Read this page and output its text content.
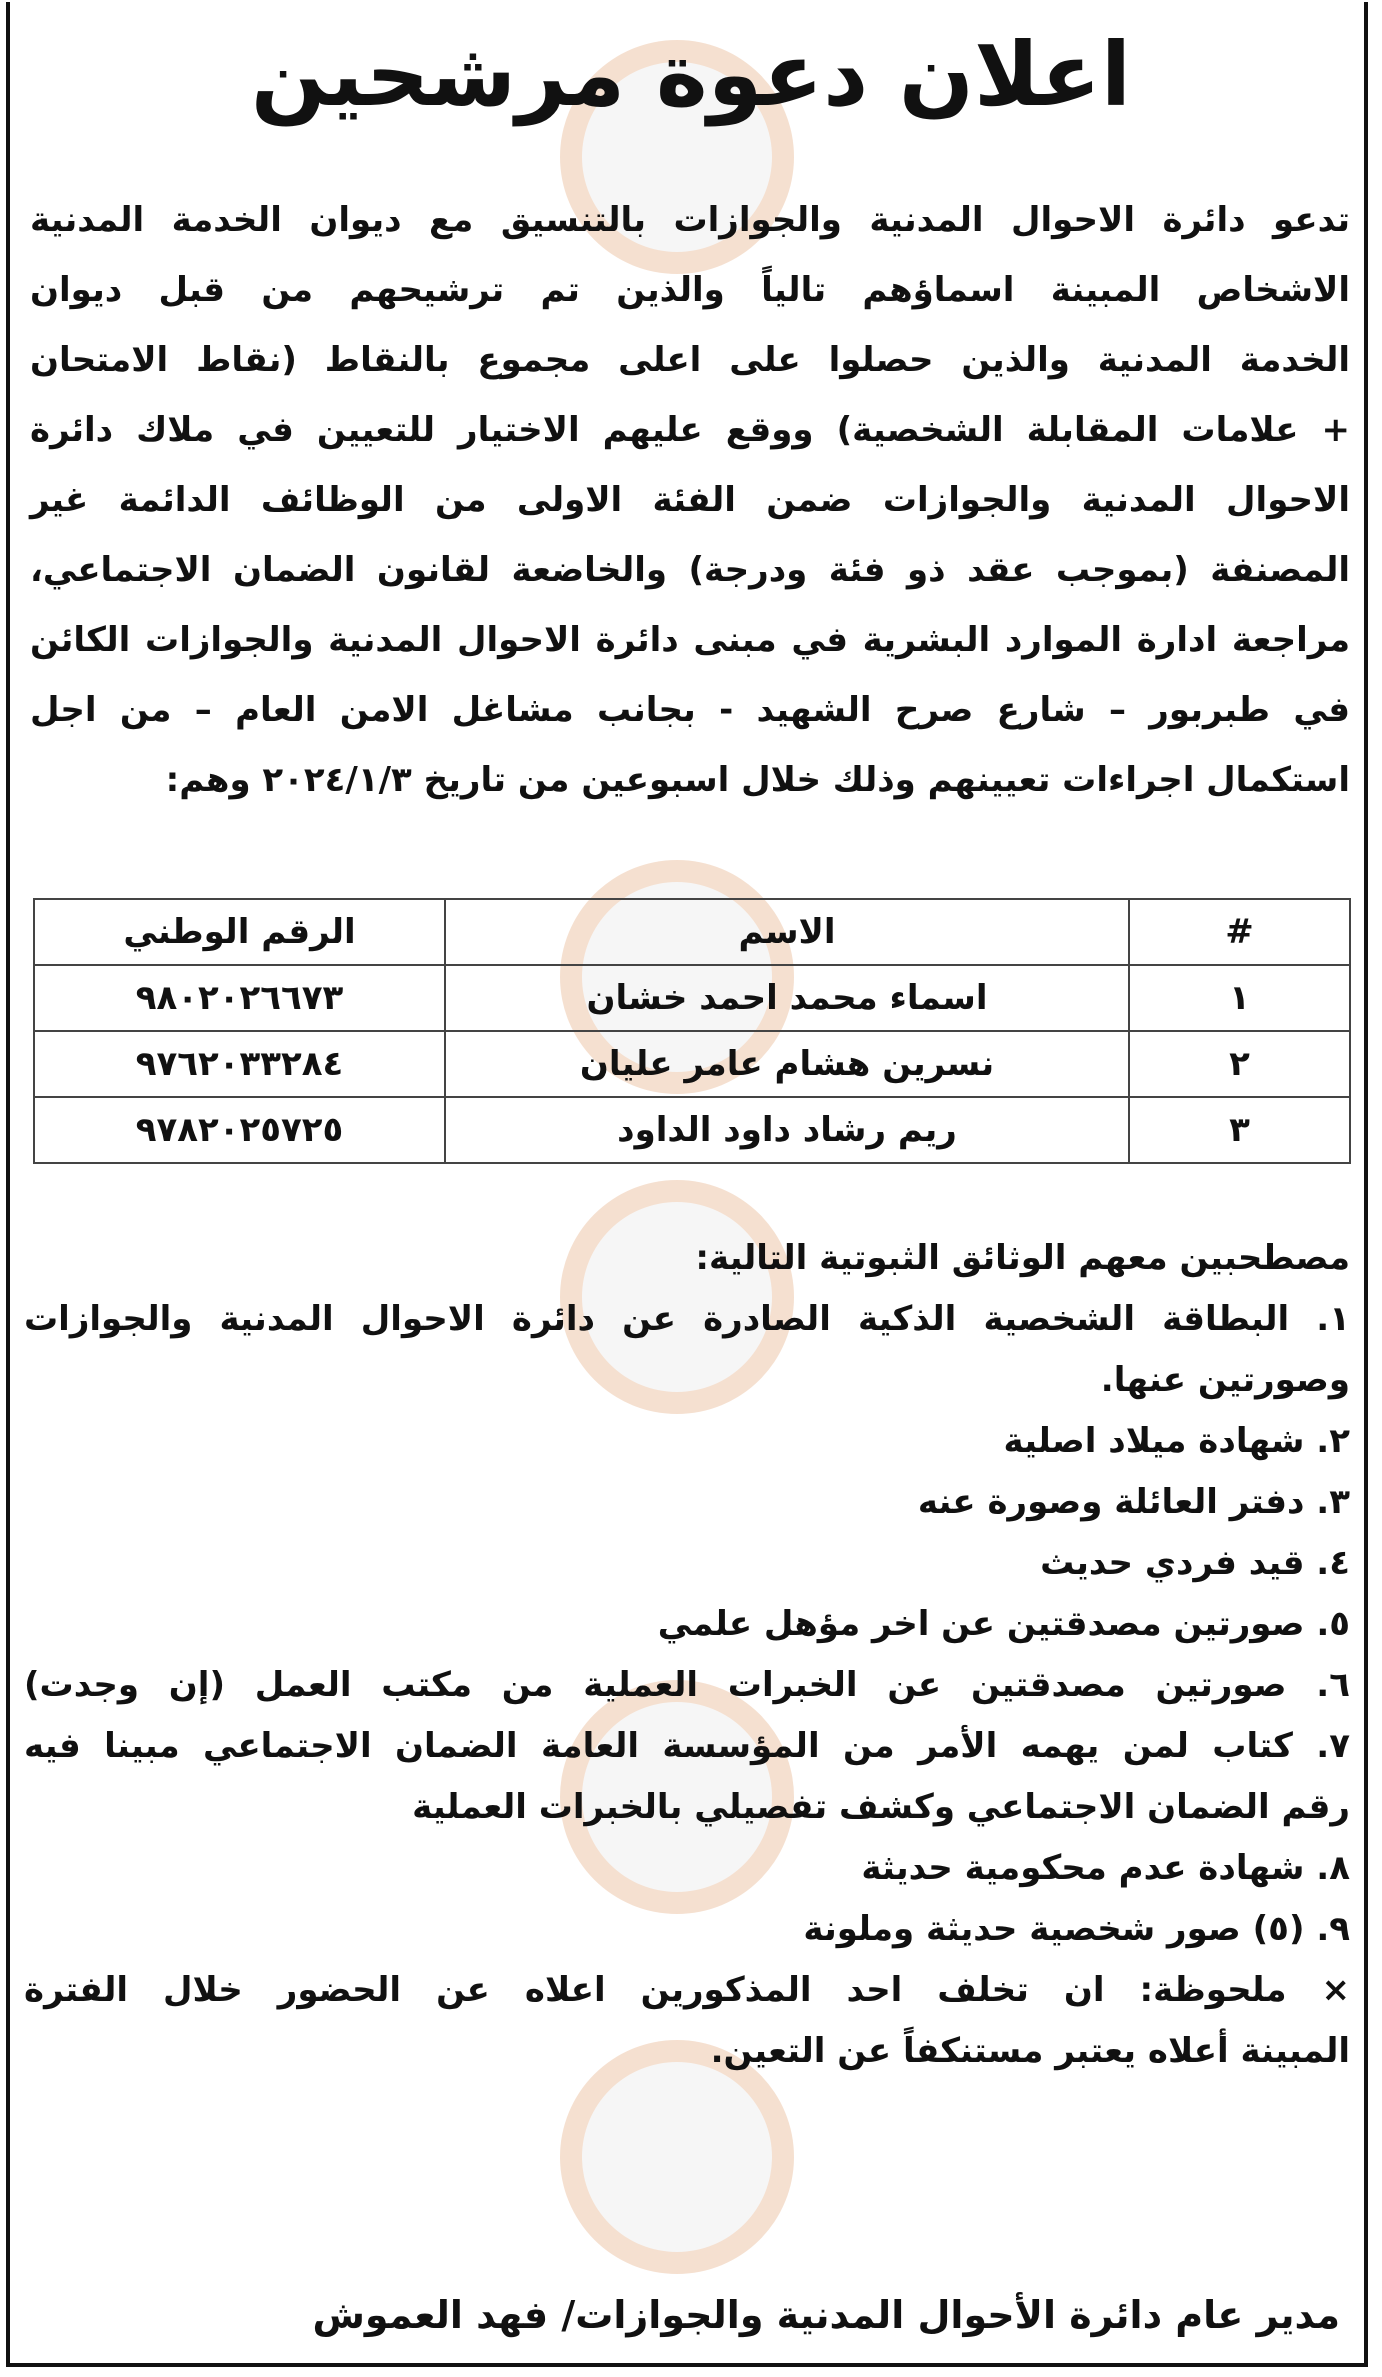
اعلان دعوة مرشحين
تدعو دائرة الاحوال المدنية والجوازات بالتنسيق مع ديوان الخدمة المدنية
الاشخاص المبينة اسماؤهم تالياً والذين تم ترشيحهم من قبل ديوان
الخدمة المدنية والذين حصلوا على اعلى مجموع بالنقاط (نقاط الامتحان
+ علامات المقابلة الشخصية) ووقع عليهم الاختيار للتعيين في ملاك دائرة
الاحوال المدنية والجوازات ضمن الفئة الاولى من الوظائف الدائمة غير
المصنفة (بموجب عقد ذو فئة ودرجة) والخاضعة لقانون الضمان الاجتماعي،
مراجعة ادارة الموارد البشرية في مبنى دائرة الاحوال المدنية والجوازات الكائن
في طبربور – شارع صرح الشهيد - بجانب مشاغل الامن العام – من اجل
استكمال اجراءات تعيينهم وذلك خلال اسبوعين من تاريخ ٢٠٢٤/١/٣ وهم:
#	الاسم	الرقم الوطني
١	اسماء محمد احمد خشان	٩٨٠٢٠٢٦٦٧٣
٢	نسرين هشام عامر عليان	٩٧٦٢٠٣٣٢٨٤
٣	ريم رشاد داود الداود	٩٧٨٢٠٢٥٧٢٥
مصطحبين معهم الوثائق الثبوتية التالية:
١. البطاقة الشخصية الذكية الصادرة عن دائرة الاحوال المدنية والجوازات
وصورتين عنها.
٢. شهادة ميلاد اصلية
٣. دفتر العائلة وصورة عنه
٤. قيد فردي حديث
٥. صورتين مصدقتين عن اخر مؤهل علمي
٦. صورتين مصدقتين عن الخبرات العملية من مكتب العمل (إن وجدت)
٧. كتاب لمن يهمه الأمر من المؤسسة العامة الضمان الاجتماعي مبينا فيه
رقم الضمان الاجتماعي وكشف تفصيلي بالخبرات العملية
٨. شهادة عدم محكومية حديثة
٩. (٥) صور شخصية حديثة وملونة
× ملحوظة: ان تخلف احد المذكورين اعلاه عن الحضور خلال الفترة
المبينة أعلاه يعتبر مستنكفاً عن التعين.
مدير عام دائرة الأحوال المدنية والجوازات/ فهد العموش
